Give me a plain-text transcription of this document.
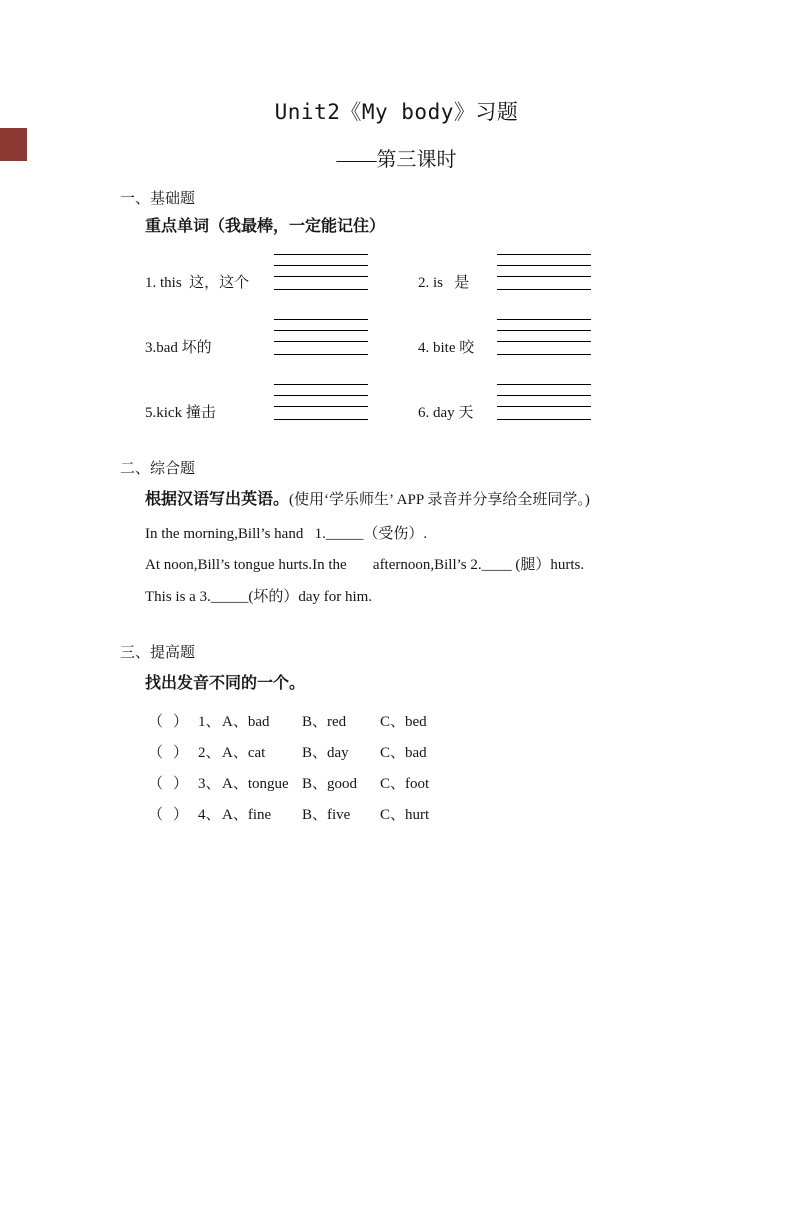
Unit2《My body》习题
——第三课时
一、基础题
重点单词（我最棒，一定能记住）
1. this  这，这个	2. is   是
3.bad 坏的	4. bite 咬
5.kick 撞击	6. day 天
二、综合题
根据汉语写出英语。(使用‘学乐师生’ APP 录音并分享给全班同学。)
In the morning,Bill’s hand   1._____（受伤）.
At noon,Bill’s tongue hurts.In the       afternoon,Bill’s 2.____ (腿）hurts.
This is a 3._____(坏的）day for him.
三、提高题
找出发音不同的一个。
（ ） 1、 A、bad	B、red	C、bed
（ ） 2、 A、cat	B、day	C、bad
（ ） 3、 A、tongue B、good	C、foot
（ ） 4、 A、fine	B、five	C、hurt
